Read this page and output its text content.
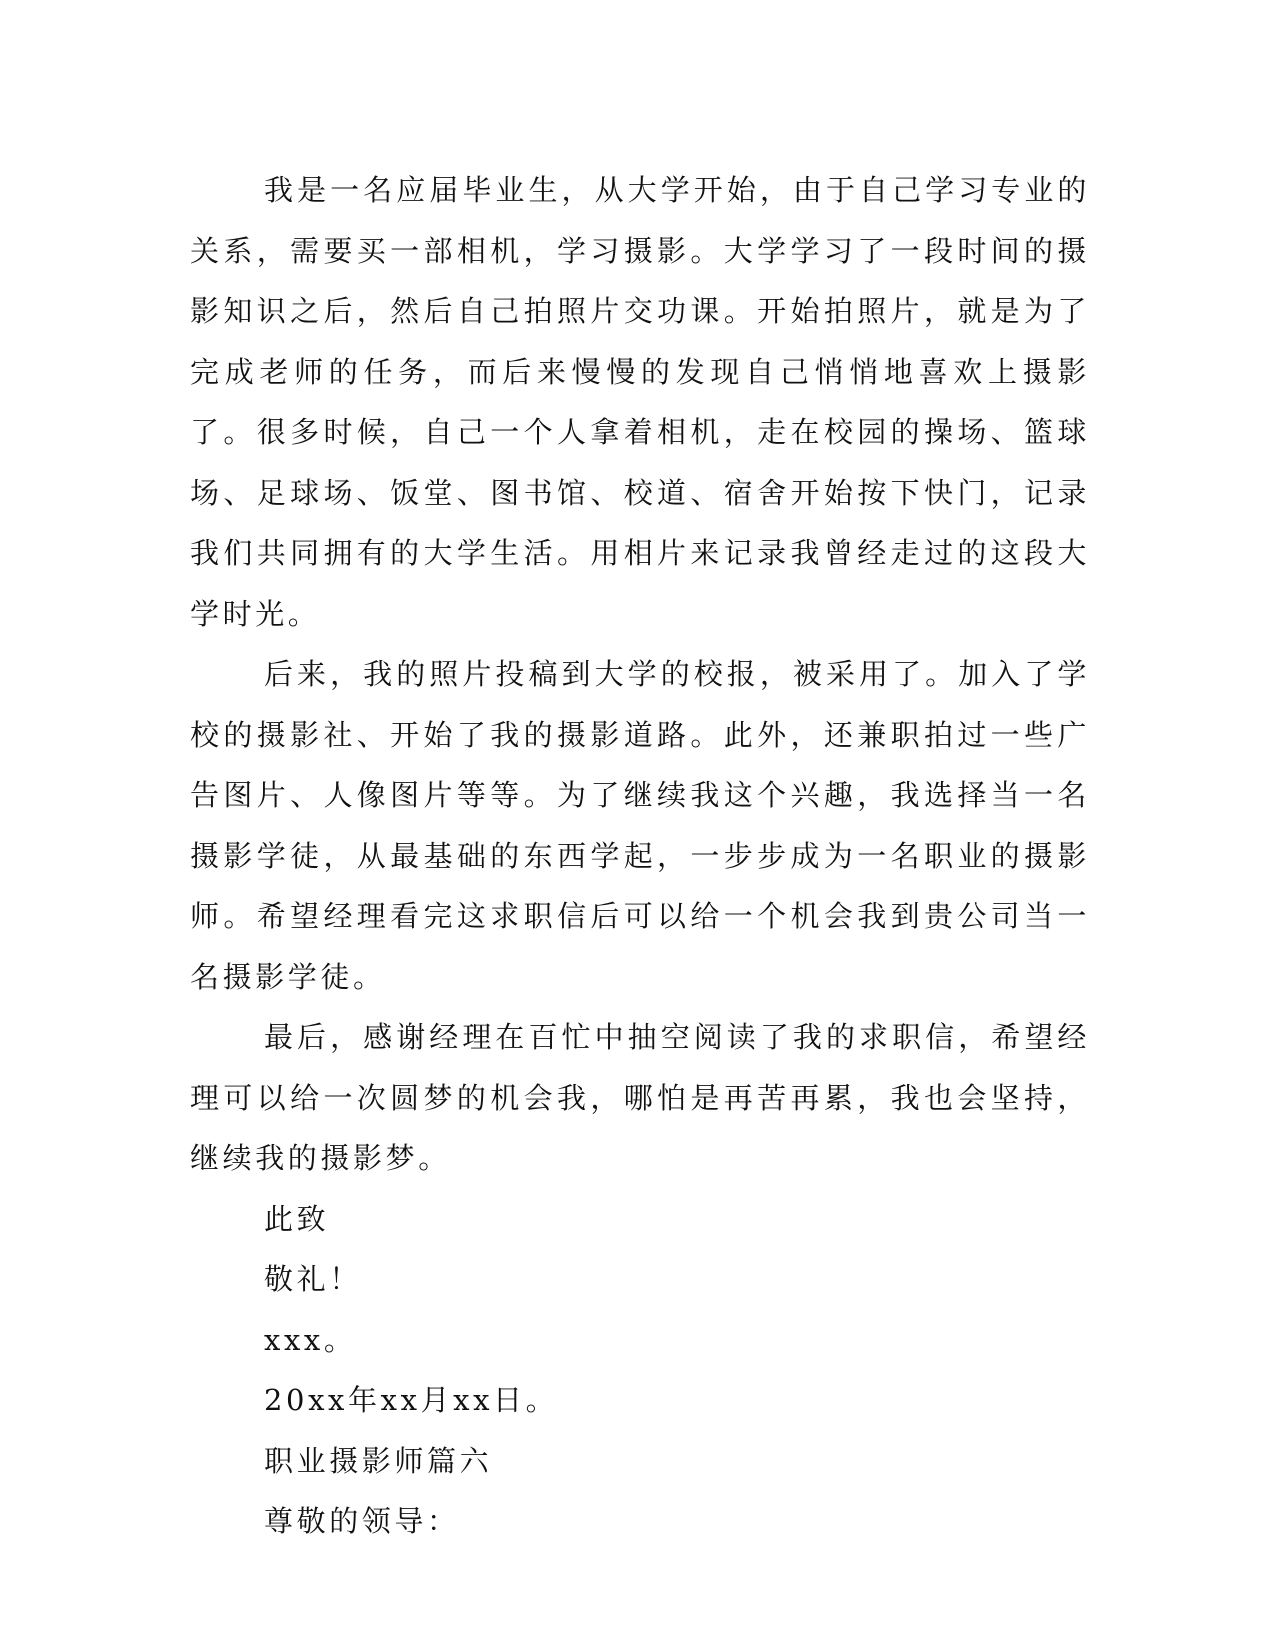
我是一名应届毕业生，从大学开始，由于自己学习专业的关系，需要买一部相机，学习摄影。大学学习了一段时间的摄影知识之后，然后自己拍照片交功课。开始拍照片，就是为了完成老师的任务，而后来慢慢的发现自己悄悄地喜欢上摄影了。很多时候，自己一个人拿着相机，走在校园的操场、篮球场、足球场、饭堂、图书馆、校道、宿舍开始按下快门，记录我们共同拥有的大学生活。用相片来记录我曾经走过的这段大学时光。

后来，我的照片投稿到大学的校报，被采用了。加入了学校的摄影社、开始了我的摄影道路。此外，还兼职拍过一些广告图片、人像图片等等。为了继续我这个兴趣，我选择当一名摄影学徒，从最基础的东西学起，一步步成为一名职业的摄影师。希望经理看完这求职信后可以给一个机会我到贵公司当一名摄影学徒。

最后，感谢经理在百忙中抽空阅读了我的求职信，希望经理可以给一次圆梦的机会我，哪怕是再苦再累，我也会坚持，继续我的摄影梦。

此致

敬礼！

xxx。

20xx年xx月xx日。

职业摄影师篇六

尊敬的领导：
